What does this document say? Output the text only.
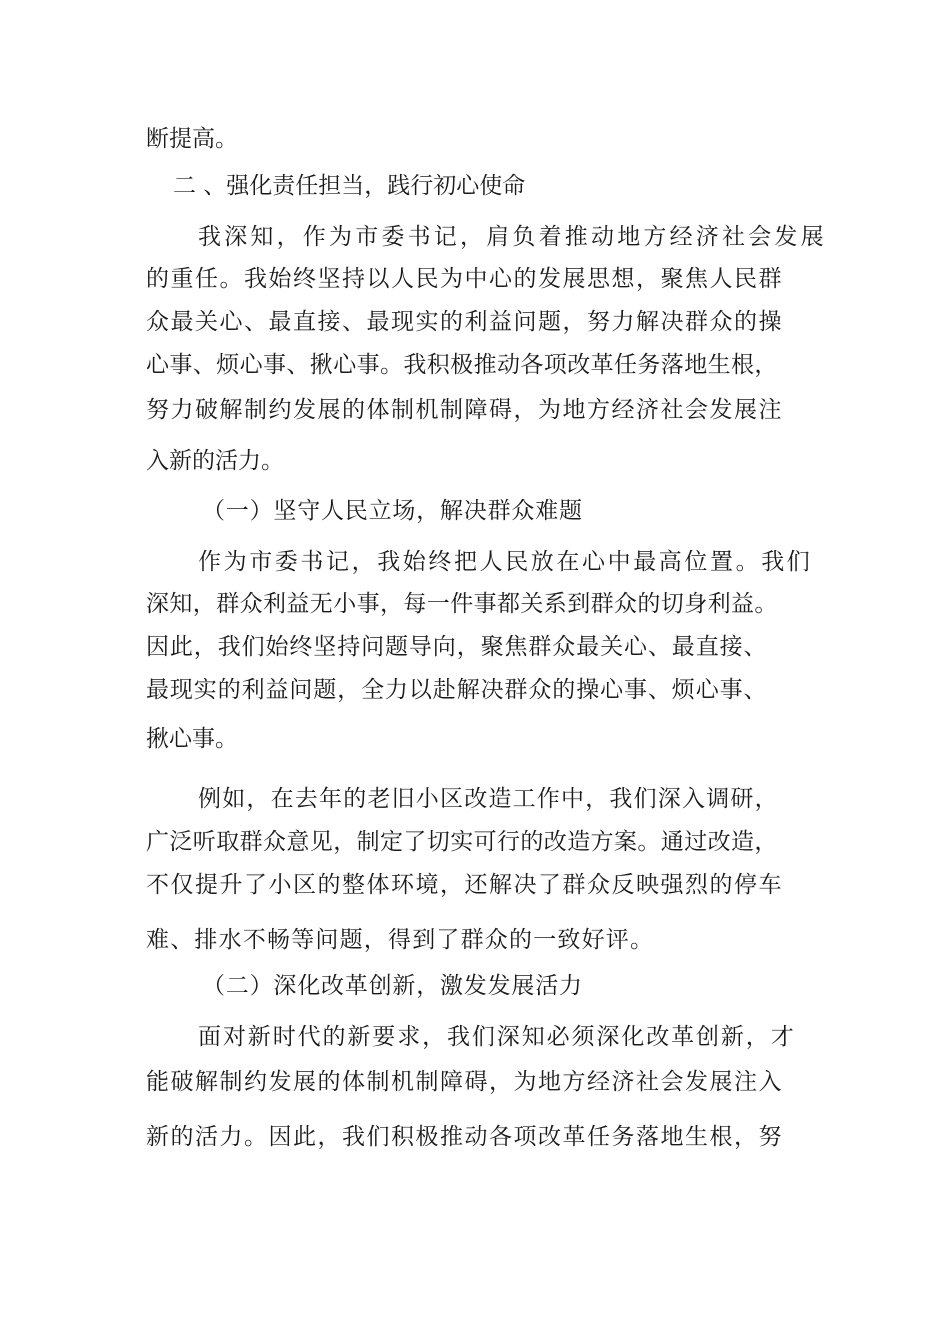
断提高。
二 、强化责任担当，践行初心使命
我深知，作为市委书记，肩负着推动地方经济社会发展
的重任。我始终坚持以人民为中心的发展思想，聚焦人民群
众最关心、最直接、最现实的利益问题，努力解决群众的操
心事、烦心事、揪心事。我积极推动各项改革任务落地生根，
努力破解制约发展的体制机制障碍，为地方经济社会发展注
入新的活力。
（一）坚守人民立场，解决群众难题
作为市委书记，我始终把人民放在心中最高位置。我们
深知，群众利益无小事，每一件事都关系到群众的切身利益。
因此，我们始终坚持问题导向，聚焦群众最关心、最直接、
最现实的利益问题，全力以赴解决群众的操心事、烦心事、
揪心事。
例如，在去年的老旧小区改造工作中，我们深入调研，
广泛听取群众意见，制定了切实可行的改造方案。通过改造，
不仅提升了小区的整体环境，还解决了群众反映强烈的停车
难、排水不畅等问题，得到了群众的一致好评。
（二）深化改革创新，激发发展活力
面对新时代的新要求，我们深知必须深化改革创新，才
能破解制约发展的体制机制障碍，为地方经济社会发展注入
新的活力。因此，我们积极推动各项改革任务落地生根，努
